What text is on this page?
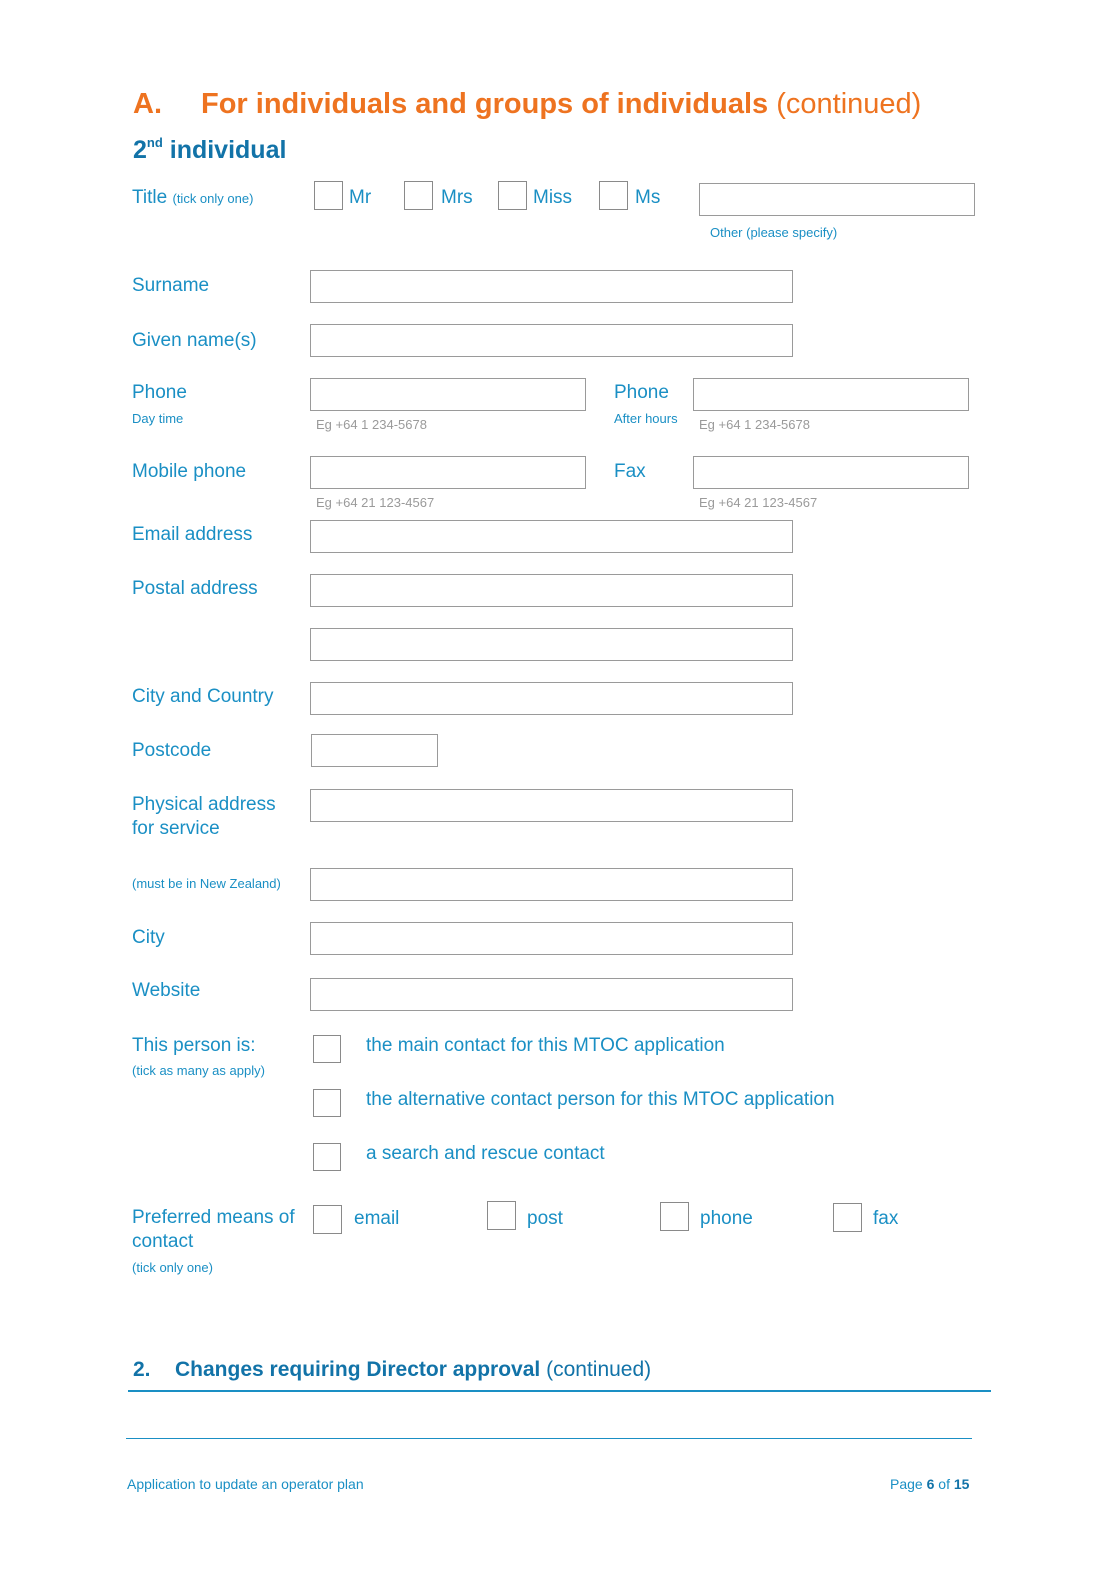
A. For individuals and groups of individuals (continued)
2nd individual
Title (tick only one)	Mr	Mrs	Miss	Ms
Other (please specify)
Surname
Given name(s)
Phone
Day time	Eg +64 1 234-5678
Phone
After hours Eg +64 1 234-5678
Mobile phone
Eg +64 21 123-4567
Fax
Eg +64 21 123-4567
Email address
Postal address
City and Country
Postcode
Physical address for service
(must be in New Zealand)
City
Website
This person is:
(tick as many as apply)
the main contact for this MTOC application
the alternative contact person for this MTOC application
a search and rescue contact
Preferred means of contact
(tick only one)
email	post	phone	fax
2. Changes requiring Director approval (continued)
Application to update an operator plan	Page 6 of 15
